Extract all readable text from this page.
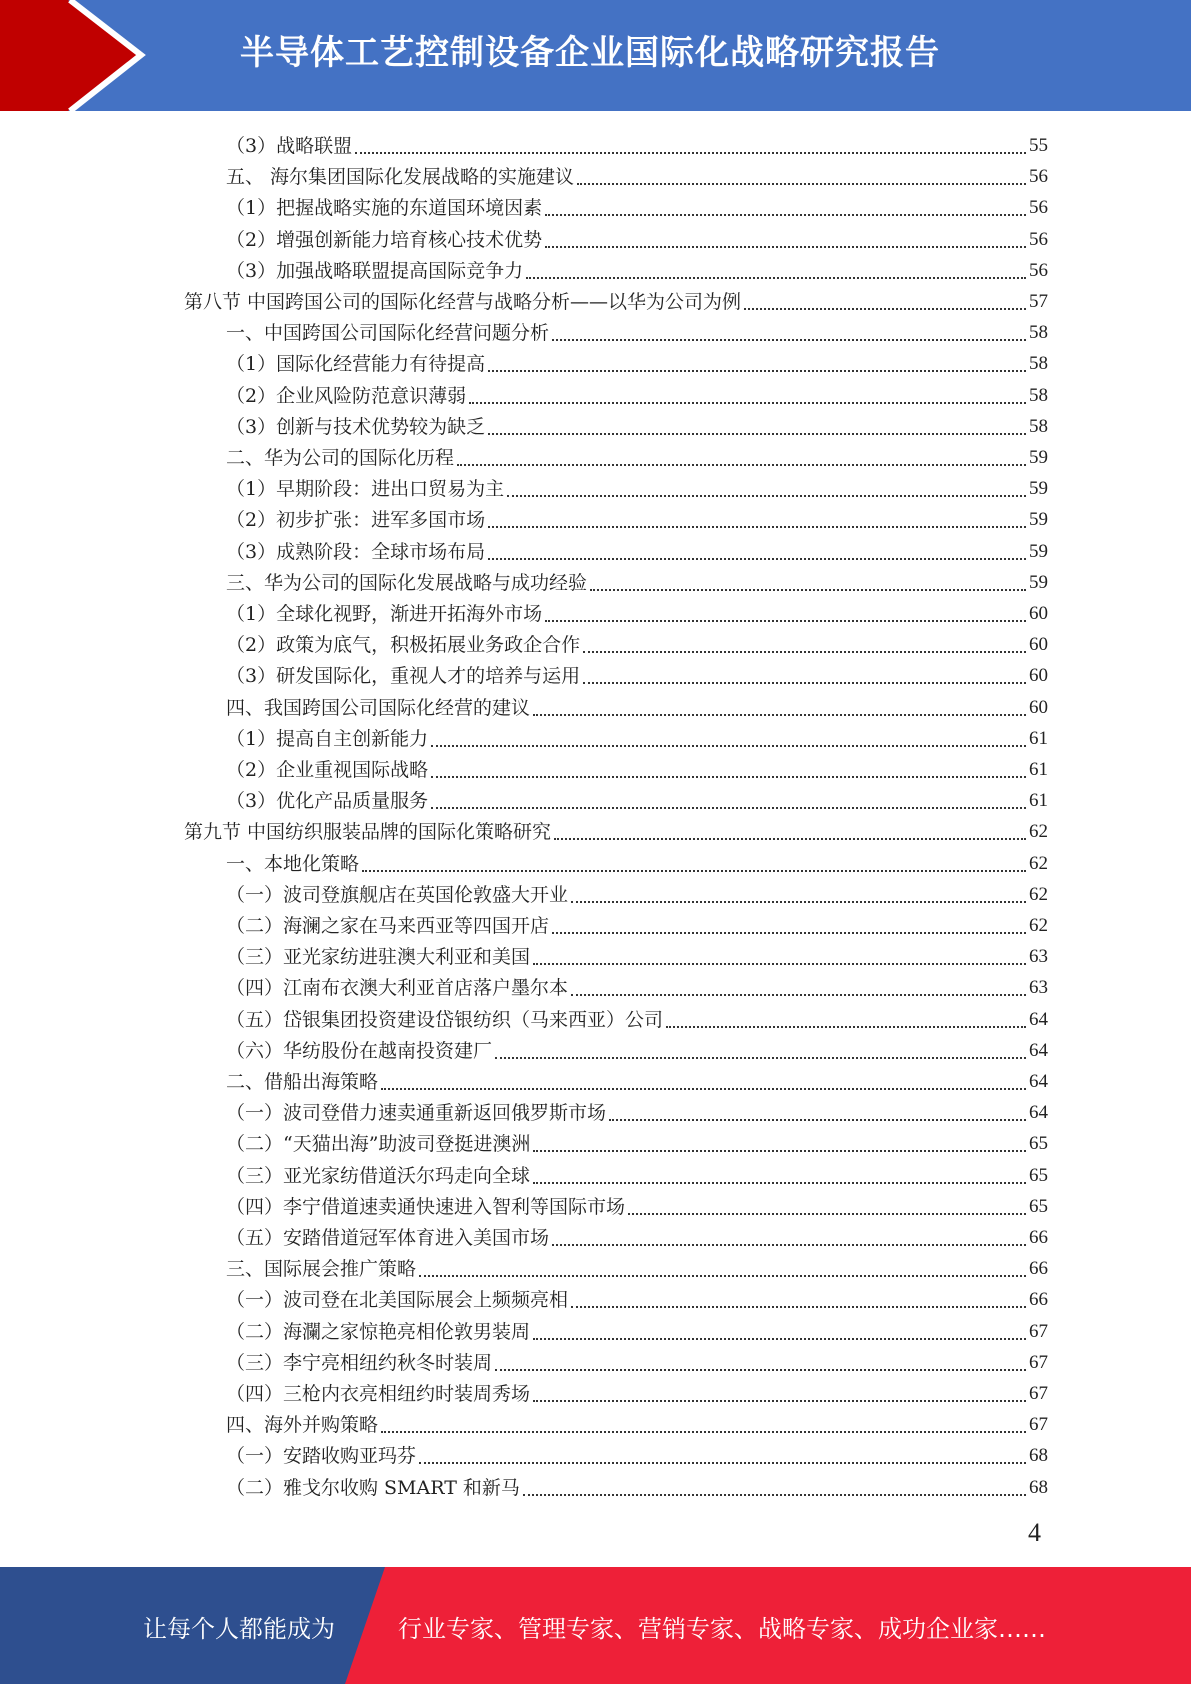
半导体工艺控制设备企业国际化战略研究报告
（3）战略联盟	55
五、 海尔集团国际化发展战略的实施建议	56
（1）把握战略实施的东道国环境因素	56
（2）增强创新能力培育核心技术优势	56
（3）加强战略联盟提高国际竞争力	56
第八节 中国跨国公司的国际化经营与战略分析——以华为公司为例	57
一、中国跨国公司国际化经营问题分析	58
（1）国际化经营能力有待提高	58
（2）企业风险防范意识薄弱	58
（3）创新与技术优势较为缺乏	58
二、华为公司的国际化历程	59
（1）早期阶段：进出口贸易为主	59
（2）初步扩张：进军多国市场	59
（3）成熟阶段：全球市场布局	59
三、华为公司的国际化发展战略与成功经验	59
（1）全球化视野，渐进开拓海外市场	60
（2）政策为底气，积极拓展业务政企合作	60
（3）研发国际化，重视人才的培养与运用	60
四、我国跨国公司国际化经营的建议	60
（1）提高自主创新能力	61
（2）企业重视国际战略	61
（3）优化产品质量服务	61
第九节 中国纺织服装品牌的国际化策略研究	62
一、本地化策略	62
（一）波司登旗舰店在英国伦敦盛大开业	62
（二）海澜之家在马来西亚等四国开店	62
（三）亚光家纺进驻澳大利亚和美国	63
（四）江南布衣澳大利亚首店落户墨尔本	63
（五）岱银集团投资建设岱银纺织（马来西亚）公司	64
（六）华纺股份在越南投资建厂	64
二、借船出海策略	64
（一）波司登借力速卖通重新返回俄罗斯市场	64
（二）“天猫出海”助波司登挺进澳洲	65
（三）亚光家纺借道沃尔玛走向全球	65
（四）李宁借道速卖通快速进入智利等国际市场	65
（五）安踏借道冠军体育进入美国市场	66
三、国际展会推广策略	66
（一）波司登在北美国际展会上频频亮相	66
（二）海瀾之家惊艳亮相伦敦男装周	67
（三）李宁亮相纽约秋冬时装周	67
（四）三枪内衣亮相纽约时装周秀场	67
四、海外并购策略	67
（一）安踏收购亚玛芬	68
（二）雅戈尔收购 SMART 和新马	68
4
让每个人都能成为	行业专家、管理专家、营销专家、战略专家、成功企业家……
